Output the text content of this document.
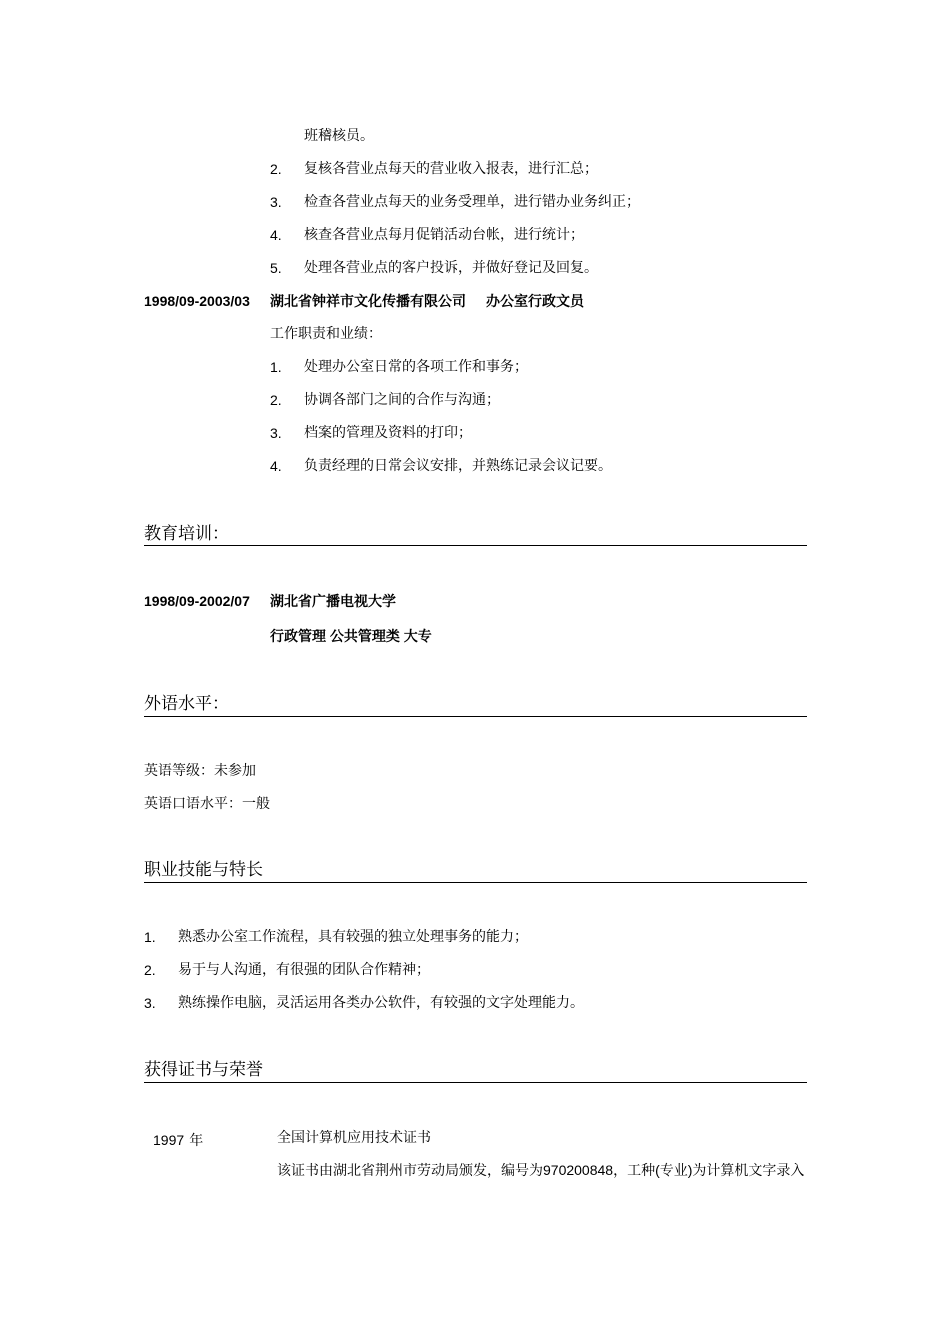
班稽核员。
2. 复核各营业点每天的营业收入报表，进行汇总；
3. 检查各营业点每天的业务受理单，进行错办业务纠正；
4. 核查各营业点每月促销活动台帐，进行统计；
5. 处理各营业点的客户投诉，并做好登记及回复。
1998/09-2003/03 湖北省钟祥市文化传播有限公司 办公室行政文员
工作职责和业绩：
1. 处理办公室日常的各项工作和事务；
2. 协调各部门之间的合作与沟通；
3. 档案的管理及资料的打印；
4. 负责经理的日常会议安排，并熟练记录会议记要。
教育培训：
1998/09-2002/07 湖北省广播电视大学
行政管理 公共管理类 大专
外语水平：
英语等级：未参加
英语口语水平：一般
职业技能与特长
1. 熟悉办公室工作流程，具有较强的独立处理事务的能力；
2. 易于与人沟通，有很强的团队合作精神；
3. 熟练操作电脑，灵活运用各类办公软件，有较强的文字处理能力。
获得证书与荣誉
1997 年	全国计算机应用技术证书
该证书由湖北省荆州市劳动局颁发，编号为970200848，工种(专业)为计算机文字录入
